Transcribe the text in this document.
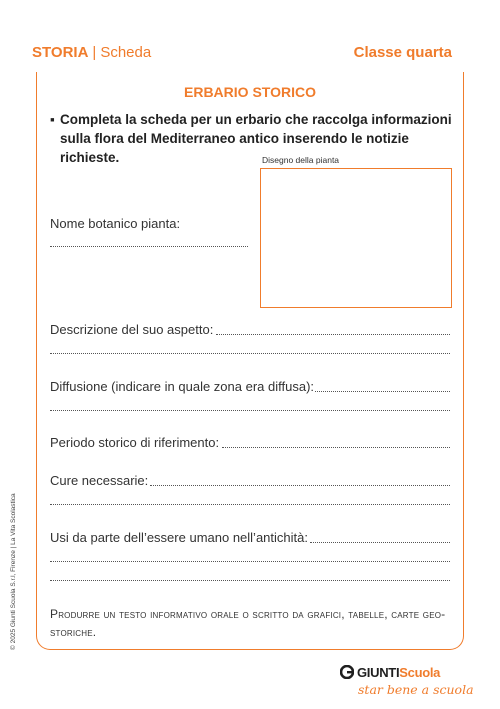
STORIA | Scheda	Classe quarta
ERBARIO STORICO
▪ Completa la scheda per un erbario che raccolga informazioni sulla flora del Mediterraneo antico inserendo le notizie richieste.	Disegno della pianta
Nome botanico pianta:
Descrizione del suo aspetto:
Diffusione (indicare in quale zona era diffusa):
Periodo storico di riferimento:
Cure necessarie:
Usi da parte dell’essere umano nell’antichità:
Produrre un testo informativo orale o scritto da grafici, tabelle, carte geo-storiche.
© 2025 Giunti Scuola S.r.l, Firenze | La Vita Scolastica
GIUNTIScuola
star bene a scuola
